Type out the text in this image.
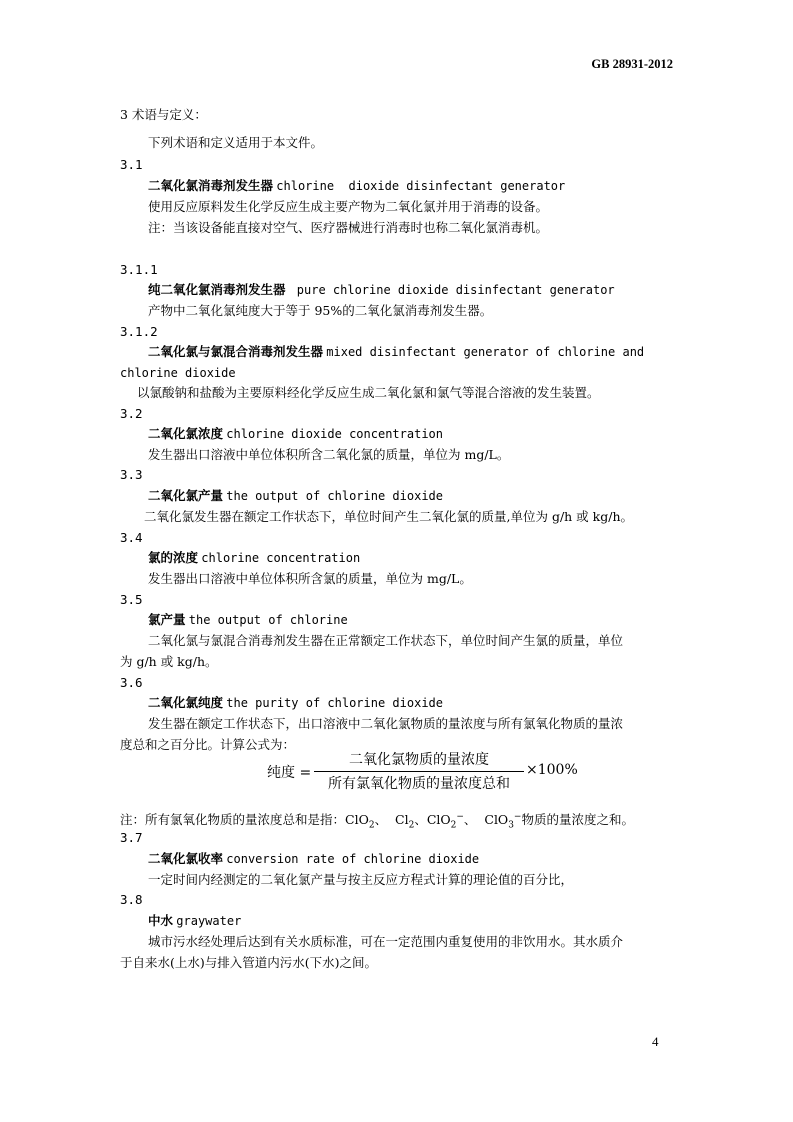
GB 28931-2012
3 术语与定义：
下列术语和定义适用于本文件。
3.1
二氧化氯消毒剂发生器 chlorine  dioxide disinfectant generator
使用反应原料发生化学反应生成主要产物为二氧化氯并用于消毒的设备。
注：当该设备能直接对空气、医疗器械进行消毒时也称二氧化氯消毒机。
3.1.1
纯二氧化氯消毒剂发生器 pure chlorine dioxide disinfectant generator
产物中二氧化氯纯度大于等于 95%的二氧化氯消毒剂发生器。
3.1.2
二氧化氯与氯混合消毒剂发生器 mixed disinfectant generator of chlorine and
chlorine dioxide
以氯酸钠和盐酸为主要原料经化学反应生成二氧化氯和氯气等混合溶液的发生装置。
3.2
二氧化氯浓度 chlorine dioxide concentration
发生器出口溶液中单位体积所含二氧化氯的质量，单位为 mg/L。
3.3
二氧化氯产量 the output of chlorine dioxide
二氧化氯发生器在额定工作状态下，单位时间产生二氧化氯的质量,单位为 g/h 或 kg/h。
3.4
氯的浓度 chlorine concentration
发生器出口溶液中单位体积所含氯的质量，单位为 mg/L。
3.5
氯产量 the output of chlorine
二氧化氯与氯混合消毒剂发生器在正常额定工作状态下，单位时间产生氯的质量，单位
为 g/h 或 kg/h。
3.6
二氧化氯纯度 the purity of chlorine dioxide
发生器在额定工作状态下，出口溶液中二氧化氯物质的量浓度与所有氯氧化物质的量浓
度总和之百分比。计算公式为：
纯度 =
二氧化氯物质的量浓度
所有氯氧化物质的量浓度总和
×100%
注：所有氯氧化物质的量浓度总和是指：ClO$_2$、  $Cl_2$、ClO$_2$−、  ClO$_3$−物质的量浓度之和。
3.7
二氧化氯收率 conversion rate of chlorine dioxide
一定时间内经测定的二氧化氯产量与按主反应方程式计算的理论值的百分比，
3.8
中水 graywater
城市污水经处理后达到有关水质标准，可在一定范围内重复使用的非饮用水。其水质介
于自来水(上水)与排入管道内污水(下水)之间。
4
